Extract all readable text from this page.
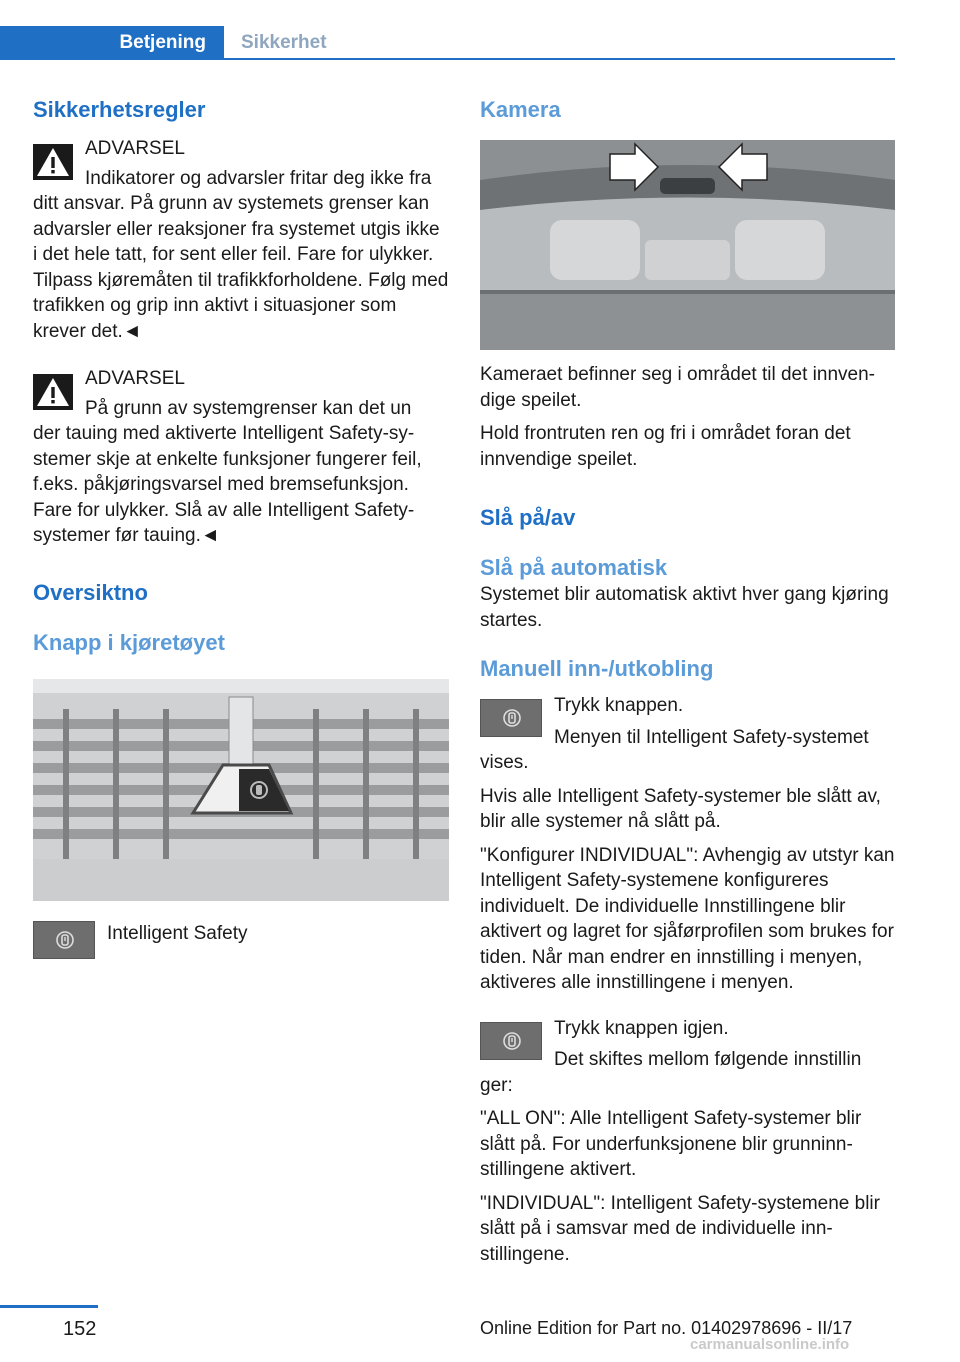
Betjening	Sikkerhet
Sikkerhetsregler

ADVARSEL

Indikatorer og advarsler fritar deg ikke fra

ditt ansvar. På grunn av systemets grenser kan advarsler eller reaksjoner fra systemet utgis ikke i det hele tatt, for sent eller feil. Fare for ulykker. Tilpass kjøremåten til trafikkforholdene. Følg med trafikken og grip inn aktivt i situasjoner som krever det.◄

ADVARSEL

På grunn av systemgrenser kan det un

der tauing med aktiverte Intelligent Safety-systemer skje at enkelte funksjoner fungerer feil, f.eks. påkjøringsvarsel med bremsefunksjon. Fare for ulykker. Slå av alle Intelligent Safety-systemer før tauing.◄

Oversiktno
Knapp i kjøretøyet

Intelligent Safety

Kamera

Kameraet befinner seg i området til det innvendige speilet.

Hold frontruten ren og fri i området foran det innvendige speilet.

Slå på/av
Slå på automatisk

Systemet blir automatisk aktivt hver gang kjøring startes.

Manuell inn-/utkobling

Trykk knappen.

Menyen til Intelligent Safety-systemet

vises.

Hvis alle Intelligent Safety-systemer ble slått av, blir alle systemer nå slått på.

"Konfigurer INDIVIDUAL": Avhengig av utstyr kan Intelligent Safety-systemene konfigureres individuelt. De individuelle Innstillingene blir aktivert og lagret for sjåførprofilen som brukes for tiden. Når man endrer en innstilling i menyen, aktiveres alle innstillingene i menyen.

Trykk knappen igjen.

Det skiftes mellom følgende innstillin

ger:

"ALL ON": Alle Intelligent Safety-systemer blir slått på. For underfunksjonene blir grunninnstillingene aktivert.

"INDIVIDUAL": Intelligent Safety-systemene blir slått på i samsvar med de individuelle innstillingene.

152	Online Edition for Part no. 01402978696 - II/17
carmanualsonline.info
